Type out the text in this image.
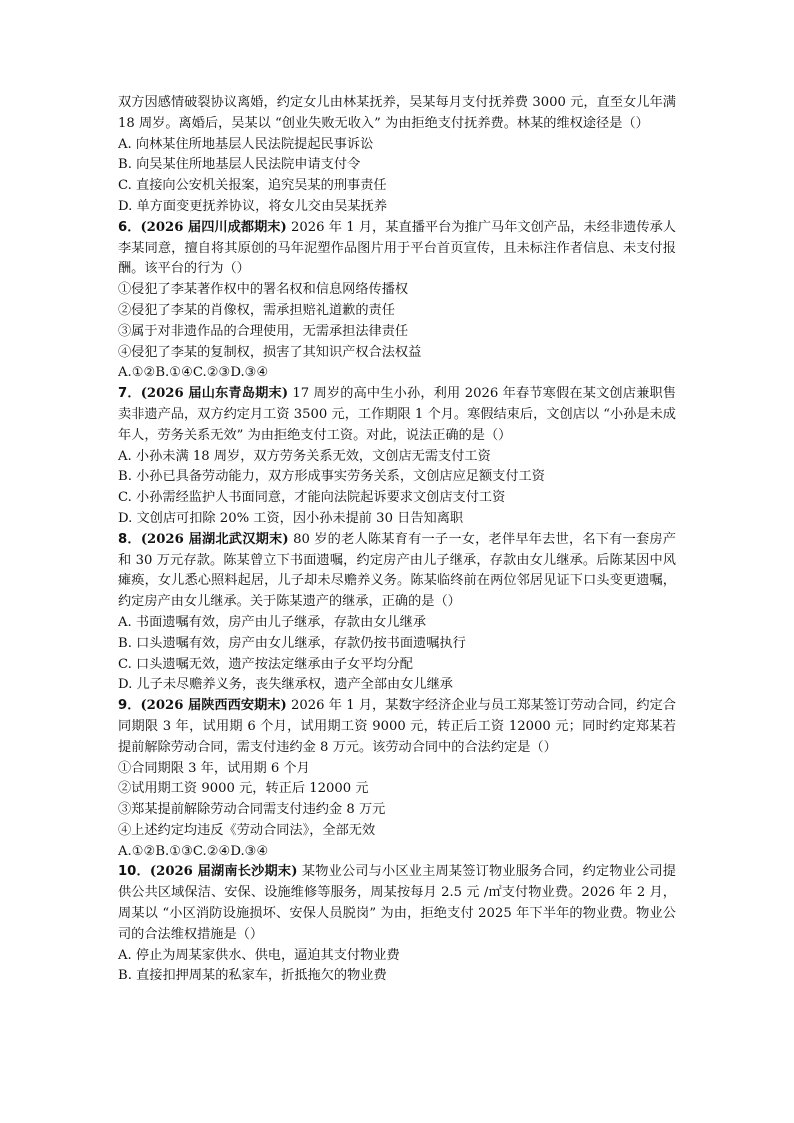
双方因感情破裂协议离婚，约定女儿由林某抚养，吴某每月支付抚养费 3000 元，直至女儿年满 18 周岁。离婚后，吴某以 “创业失败无收入” 为由拒绝支付抚养费。林某的维权途径是（）

A. 向林某住所地基层人民法院提起民事诉讼

B. 向吴某住所地基层人民法院申请支付令

C. 直接向公安机关报案，追究吴某的刑事责任

D. 单方面变更抚养协议，将女儿交由吴某抚养

6．(2026 届四川成都期末) 2026 年 1 月，某直播平台为推广马年文创产品，未经非遗传承人李某同意，擅自将其原创的马年泥塑作品图片用于平台首页宣传，且未标注作者信息、未支付报酬。该平台的行为（）

①侵犯了李某著作权中的署名权和信息网络传播权

②侵犯了李某的肖像权，需承担赔礼道歉的责任

③属于对非遗作品的合理使用，无需承担法律责任

④侵犯了李某的复制权，损害了其知识产权合法权益

A.①②B.①④C.②③D.③④

7．(2026 届山东青岛期末) 17 周岁的高中生小孙，利用 2026 年春节寒假在某文创店兼职售卖非遗产品，双方约定月工资 3500 元，工作期限 1 个月。寒假结束后，文创店以 “小孙是未成年人，劳务关系无效” 为由拒绝支付工资。对此，说法正确的是（）

A. 小孙未满 18 周岁，双方劳务关系无效，文创店无需支付工资

B. 小孙已具备劳动能力，双方形成事实劳务关系，文创店应足额支付工资

C. 小孙需经监护人书面同意，才能向法院起诉要求文创店支付工资

D. 文创店可扣除 20% 工资，因小孙未提前 30 日告知离职

8．(2026 届湖北武汉期末) 80 岁的老人陈某育有一子一女，老伴早年去世，名下有一套房产和 30 万元存款。陈某曾立下书面遗嘱，约定房产由儿子继承，存款由女儿继承。后陈某因中风瘫痪，女儿悉心照料起居，儿子却未尽赡养义务。陈某临终前在两位邻居见证下口头变更遗嘱，约定房产由女儿继承。关于陈某遗产的继承，正确的是（）

A. 书面遗嘱有效，房产由儿子继承，存款由女儿继承

B. 口头遗嘱有效，房产由女儿继承，存款仍按书面遗嘱执行

C. 口头遗嘱无效，遗产按法定继承由子女平均分配

D. 儿子未尽赡养义务，丧失继承权，遗产全部由女儿继承

9．(2026 届陕西西安期末) 2026 年 1 月，某数字经济企业与员工郑某签订劳动合同，约定合同期限 3 年，试用期 6 个月，试用期工资 9000 元，转正后工资 12000 元；同时约定郑某若提前解除劳动合同，需支付违约金 8 万元。该劳动合同中的合法约定是（）

①合同期限 3 年，试用期 6 个月

②试用期工资 9000 元，转正后 12000 元

③郑某提前解除劳动合同需支付违约金 8 万元

④上述约定均违反《劳动合同法》，全部无效

A.①②B.①③C.②④D.③④

10．(2026 届湖南长沙期末) 某物业公司与小区业主周某签订物业服务合同，约定物业公司提供公共区域保洁、安保、设施维修等服务，周某按每月 2.5 元 /㎡支付物业费。2026 年 2 月，周某以 “小区消防设施损坏、安保人员脱岗” 为由，拒绝支付 2025 年下半年的物业费。物业公司的合法维权措施是（）

A. 停止为周某家供水、供电，逼迫其支付物业费

B. 直接扣押周某的私家车，折抵拖欠的物业费
